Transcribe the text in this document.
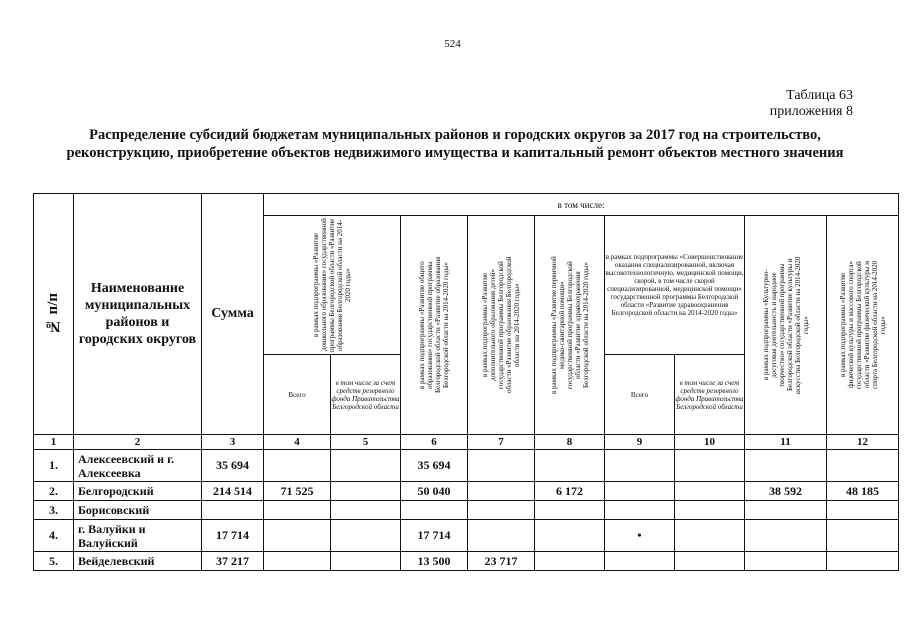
524
Таблица 63
приложения 8
Распределение субсидий бюджетам муниципальных районов и городских округов за 2017 год на строительство,
реконструкцию, приобретение объектов недвижимого имущества и капитальный ремонт объектов местного значения
№ п/п	Наименование муниципальных районов и городских округов	Сумма	в том числе:								

			в рамках подпрограммы «Развитие дошкольного образования» государственной программы Белгородской области «Развитие образования Белгородской области на 2014-2020 годы»		в рамках подпрограммы «Развитие общего образования» государственной программы Белгородской области «Развитие образования Белгородской области на 2014-2020 годы»	в рамках подпрограммы «Развитие дополнительного образования детей» государственной программы Белгородской области «Развитие образования Белгородской области на 2014-2020 годы»	в рамках подпрограммы «Развитие первичной медико-санитарной помощи» государственной программы Белгородской области «Развитие здравоохранения Белгородской области на 2014-2020 годы»	в рамках подпрограммы «Совершенствование оказания специализированной, включая высокотехнологичную, медицинской помощи, скорой, в том числе скорой специализированной, медицинской помощи» государственной программы Белгородской области «Развитие здравоохранения Белгородской области на 2014-2020 годы»		в рамках подпрограммы «Культурно-досуговая деятельность и народное творчество» государственной программы Белгородской области «Развитие культуры и искусства Белгородской области на 2014-2020 годы»	в рамках подпрограммы «Развитие физической культуры и массового спорта» государственной программы Белгородской области «Развитие физической культуры и спорта Белгородской области на 2014-2020 годы»

			Всего	в том числе за счет средств резервного фонда Правительства Белгородской области				Всего	в том числе за счет средств резервного фонда Правительства Белгородской области		
1	2	3	4	5	6	7	8	9	10	11	12
1.	Алексеевский и г. Алексеевка	35 694			35 694						
2.	Белгородский	214 514	71 525		50 040		6 172			38 592	48 185
3.	Борисовский										
4.	г. Валуйки и Валуйский	17 714			17 714			•			
5.	Вейделевский	37 217			13 500	23 717					
